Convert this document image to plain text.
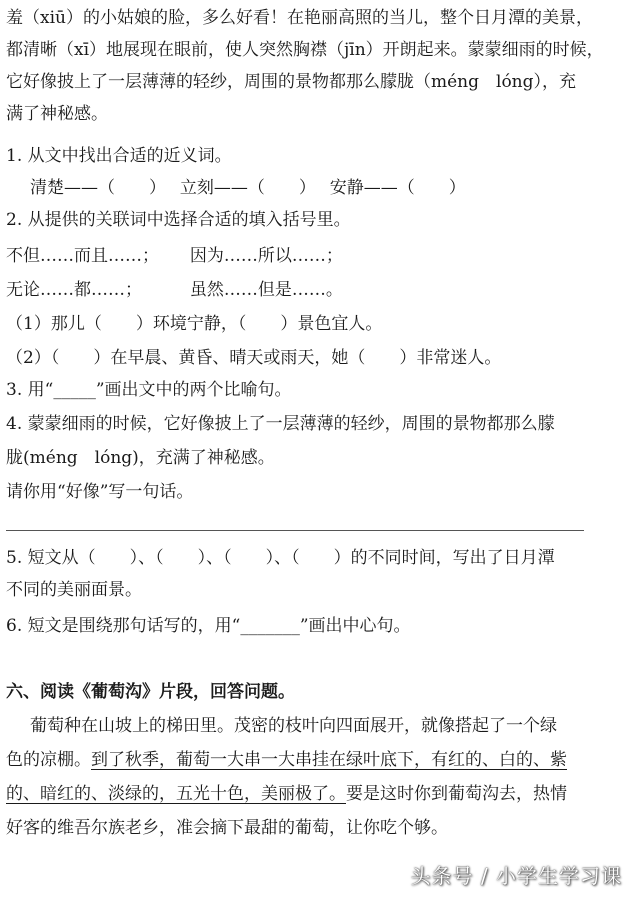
羞（xiū）的小姑娘的脸，多么好看！在艳丽高照的当儿，整个日月潭的美景，
都清晰（xī）地展现在眼前，使人突然胸襟（jīn）开朗起来。蒙蒙细雨的时候，
它好像披上了一层薄薄的轻纱，周围的景物都那么朦胧（méng　lóng），充
满了神秘感。
1. 从文中找出合适的近义词。
清楚——（　　）　 立刻——（　　）　 安静——（　　）
2. 从提供的关联词中选择合适的填入括号里。
不但……而且……；　　 因为……所以……；
无论……都……；　　　 虽然……但是……。
（1）那儿（　　）环境宁静，（　　）景色宜人。
（2）（　　）在早晨、黄昏、晴天或雨天，她（　　）非常迷人。
3. 用“_____”画出文中的两个比喻句。
4. 蒙蒙细雨的时候，它好像披上了一层薄薄的轻纱，周围的景物都那么朦
胧(méng　lóng)，充满了神秘感。
请你用“好像”写一句话。
5. 短文从（　　）、（　　）、（　　）、（　　）的不同时间，写出了日月潭
不同的美丽面景。
6. 短文是围绕那句话写的，用“_______”画出中心句。
六、阅读《葡萄沟》片段，回答问题。
葡萄种在山坡上的梯田里。茂密的枝叶向四面展开，就像搭起了一个绿
色的凉棚。到了秋季，葡萄一大串一大串挂在绿叶底下，有红的、白的、紫
的、暗红的、淡绿的，五光十色，美丽极了。要是这时你到葡萄沟去，热情
好客的维吾尔族老乡，准会摘下最甜的葡萄，让你吃个够。
头条号 / 小学生学习课
